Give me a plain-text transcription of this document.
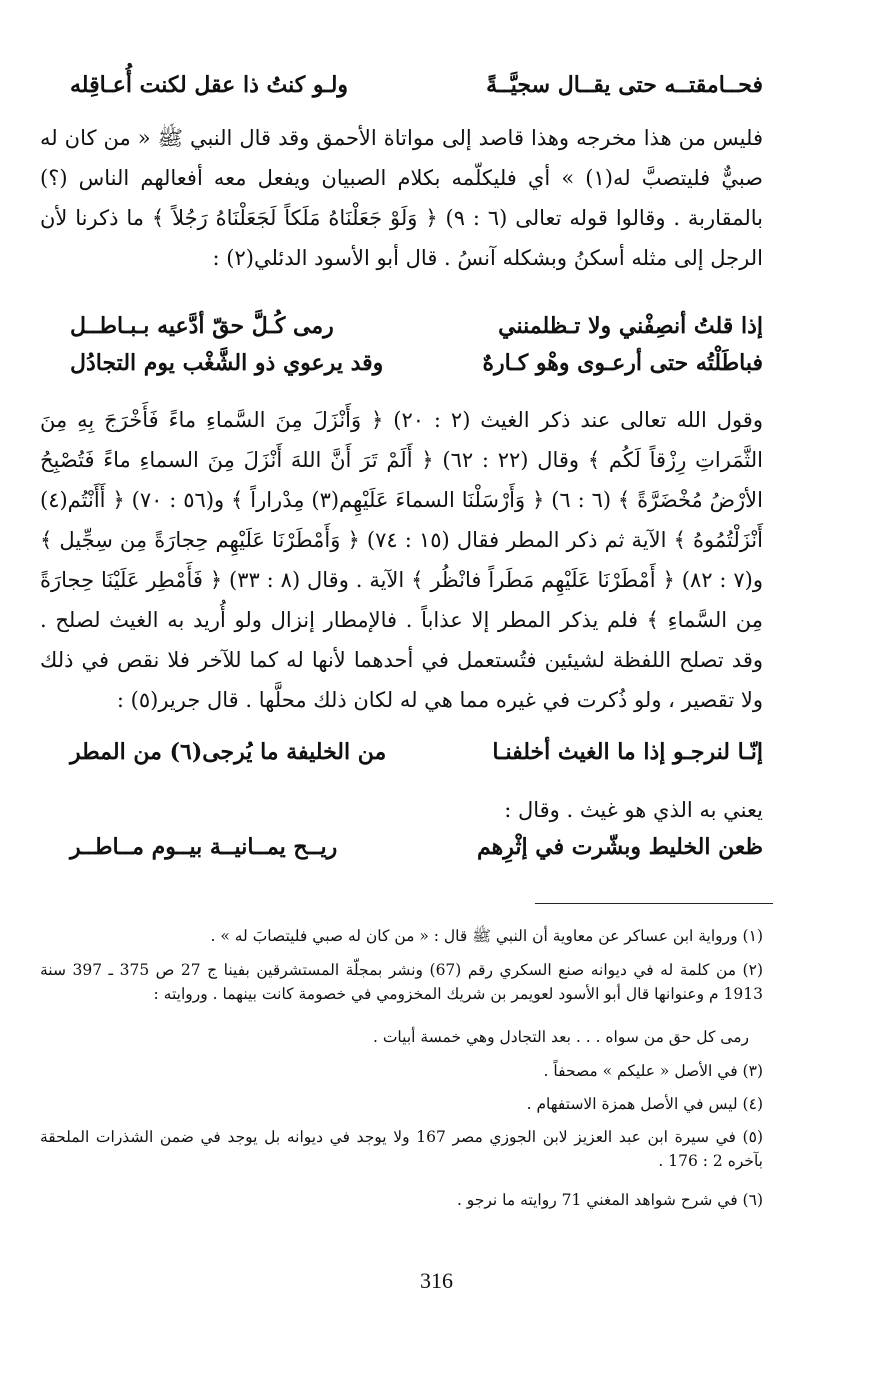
فحــامقتــه حتى يقــال سجيَّــةً
ولـو كنتُ ذا عقل لكنت أُعـاقِله

فليس من هذا مخرجه وهذا قاصد إلى مواتاة الأحمق وقد قال النبي ﷺ « من كان له صبيٌّ فليتصبَّ له(١) » أي فليكلّمه بكلام الصبيان ويفعل معه أفعالهم الناس (؟) بالمقاربة . وقالوا قوله تعالى (٦ : ٩) ﴿ وَلَوْ جَعَلْنَاهُ مَلَكاً لَجَعَلْنَاهُ رَجُلاً ﴾ ما ذكرنا لأن الرجل إلى مثله أسكنُ وبشكله آنسُ . قال أبو الأسود الدئلي(٢) :

إذا قلتُ أنصِفْني ولا تـظلمنني
رمى كُـلَّ حقّ أدَّعيه بـبـاطــل
فباطَلْتُه حتى أرعـوى وهْو كـارهٌ
وقد يرعوي ذو الشَّغْب يوم التجادُل

وقول الله تعالى عند ذكر الغيث (٢ : ٢٠) ﴿ وَأَنْزَلَ مِنَ السَّماءِ ماءً فَأَخْرَجَ بِهِ مِنَ الثَّمَراتِ رِزْقاً لَكُم ﴾ وقال (٢٢ : ٦٢) ﴿ أَلَمْ تَرَ أَنَّ اللهَ أَنْزَلَ مِنَ السماءِ ماءً فَتُصْبِحُ الأرْضُ مُخْضَرَّةً ﴾ (٦ : ٦) ﴿ وَأَرْسَلْنَا السماءَ عَلَيْهِم(٣) مِدْراراً ﴾ و(٥٦ : ٧٠) ﴿ أَأَنْتُم(٤) أَنْزَلْتُمُوهُ ﴾ الآية ثم ذكر المطر فقال (١٥ : ٧٤) ﴿ وَأَمْطَرْنَا عَلَيْهِم حِجارَةً مِن سِجِّيل ﴾ و(٧ : ٨٢) ﴿ أَمْطَرْنَا عَلَيْهِم مَطَراً فانْظُر ﴾ الآية . وقال (٨ : ٣٣) ﴿ فَأَمْطِر عَلَيْنَا حِجارَةً مِن السَّماءِ ﴾ فلم يذكر المطر إلا عذاباً . فالإمطار إنزال ولو أُريد به الغيث لصلح . وقد تصلح اللفظة لشيئين فتُستعمل في أحدهما لأنها له كما للآخر فلا نقص في ذلك ولا تقصير ، ولو ذُكرت في غيره مما هي له لكان ذلك محلَّها . قال جرير(٥) :

إنّـا لنرجـو إذا ما الغيث أخلفنـا
من الخليفة ما يُرجى(٦) من المطر

يعني به الذي هو غيث . وقال :

ظعن الخليط وبشّرت في إثْرِهم
ريــح يمــانيــة بيــوم مــاطــر

(١) ورواية ابن عساكر عن معاوية أن النبي ﷺ قال : « من كان له صبي فليتصابَ له » .

(٢) من كلمة له في ديوانه صنع السكري رقم (67) ونشر بمجلّة المستشرقين بفينا ج 27 ص 375 ـ 397 سنة 1913 م وعنوانها قال أبو الأسود لعويمر بن شريك المخزومي في خصومة كانت بينهما . وروايته :

رمى كل حق من سواه . . . بعد التجادل وهي خمسة أبيات .

(٣) في الأصل « عليكم » مصحفاً .

(٤) ليس في الأصل همزة الاستفهام .

(٥) في سيرة ابن عبد العزيز لابن الجوزي مصر 167 ولا يوجد في ديوانه بل يوجد في ضمن الشذرات الملحقة بآخره 2 : 176 .

(٦) في شرح شواهد المغني 71 روايته ما نرجو .

316
